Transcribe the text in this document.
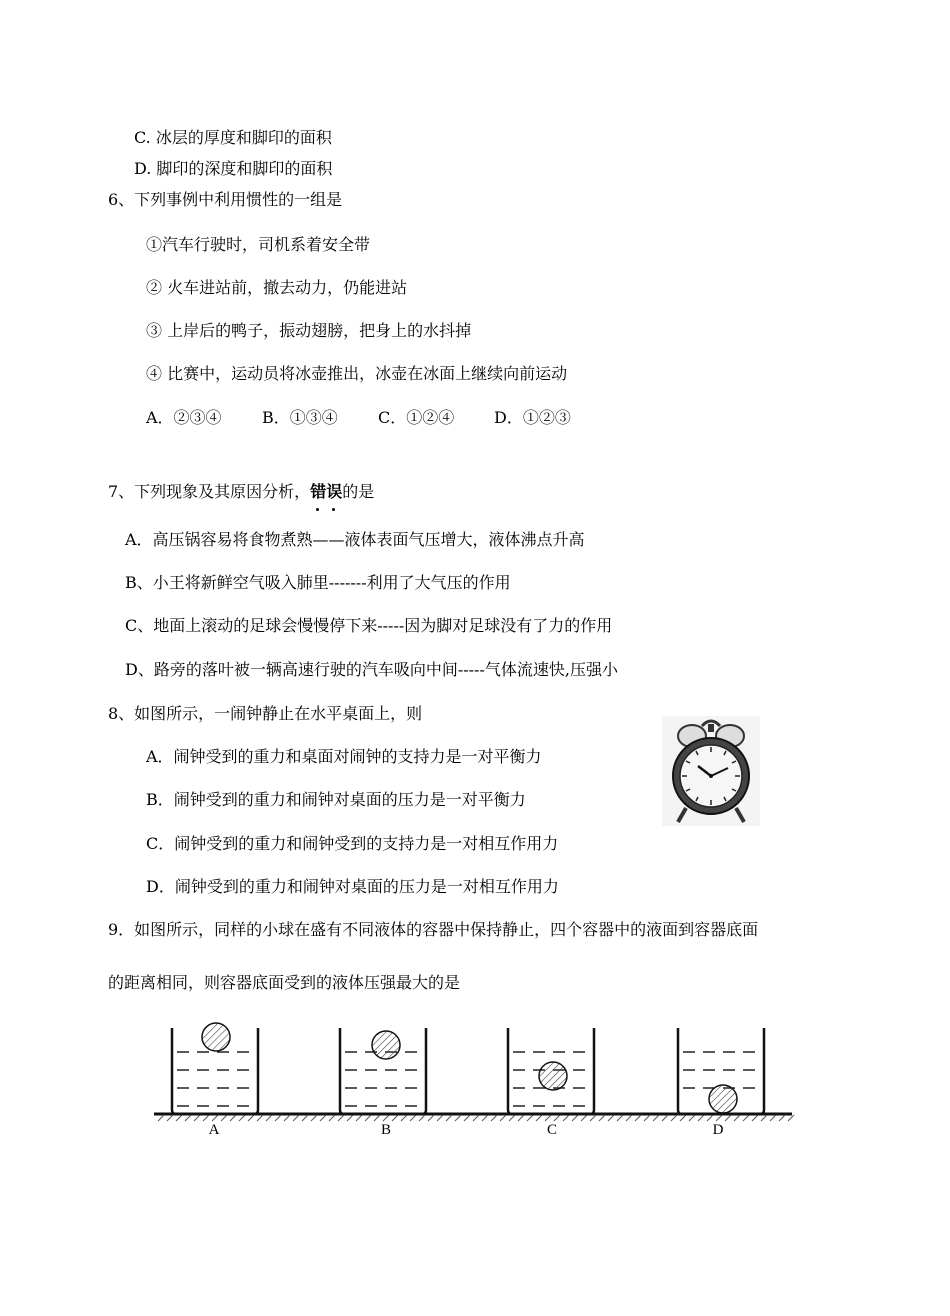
C. 冰层的厚度和脚印的面积
D. 脚印的深度和脚印的面积
6、下列事例中利用惯性的一组是
①汽车行驶时，司机系着安全带
② 火车进站前，撤去动力，仍能进站
③ 上岸后的鸭子，振动翅膀，把身上的水抖掉
④ 比赛中，运动员将冰壶推出，冰壶在冰面上继续向前运动
A．②③④	B．①③④	C．①②④ D．①②③
7、下列现象及其原因分析，错误
的是
A．高压锅容易将食物煮熟——液体表面气压增大，液体沸点升高
B、小王将新鲜空气吸入肺里-------利用了大气压的作用
C、地面上滚动的足球会慢慢停下来-----因为脚对足球没有了力的作用
D、路旁的落叶被一辆高速行驶的汽车吸向中间-----气体流速快,压强小
8、如图所示，一闹钟静止在水平桌面上，则
A．闹钟受到的重力和桌面对闹钟的支持力是一对平衡力
B．闹钟受到的重力和闹钟对桌面的压力是一对平衡力
C．闹钟受到的重力和闹钟受到的支持力是一对相互作用力
D．闹钟受到的重力和闹钟对桌面的压力是一对相互作用力
9．如图所示，同样的小球在盛有不同液体的容器中保持静止，四个容器中的液面到容器底面
的距离相同，则容器底面受到的液体压强最大的是
A	B	C	D
